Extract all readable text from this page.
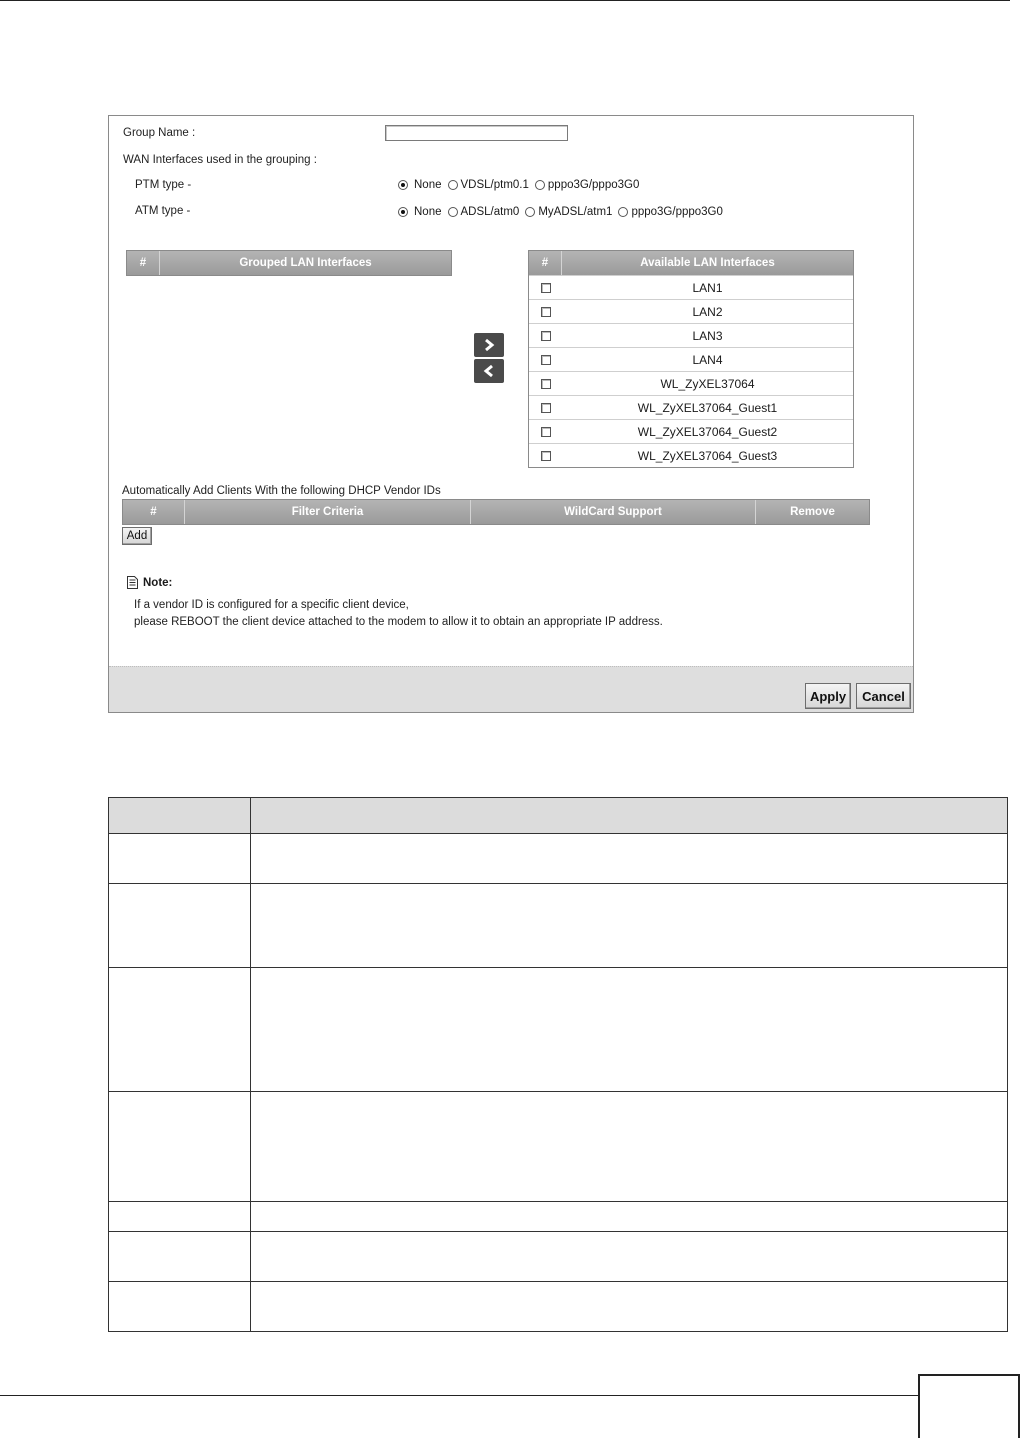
Group Name :
WAN Interfaces used in the grouping :
PTM type -	None VDSL/ptm0.1 pppo3G/pppo3G0
ATM type -	None ADSL/atm0 MyADSL/atm1 pppo3G/pppo3G0
#	Grouped LAN Interfaces	#	Available LAN Interfaces
LAN1
LAN2
LAN3
LAN4
WL_ZyXEL37064
WL_ZyXEL37064_Guest1
WL_ZyXEL37064_Guest2
WL_ZyXEL37064_Guest3
Automatically Add Clients With the following DHCP Vendor IDs
#	Filter Criteria	WildCard Support	Remove
Add
Note:
If a vendor ID is configured for a specific client device,
please REBOOT the client device attached to the modem to allow it to obtain an appropriate IP address.
Apply	Cancel
